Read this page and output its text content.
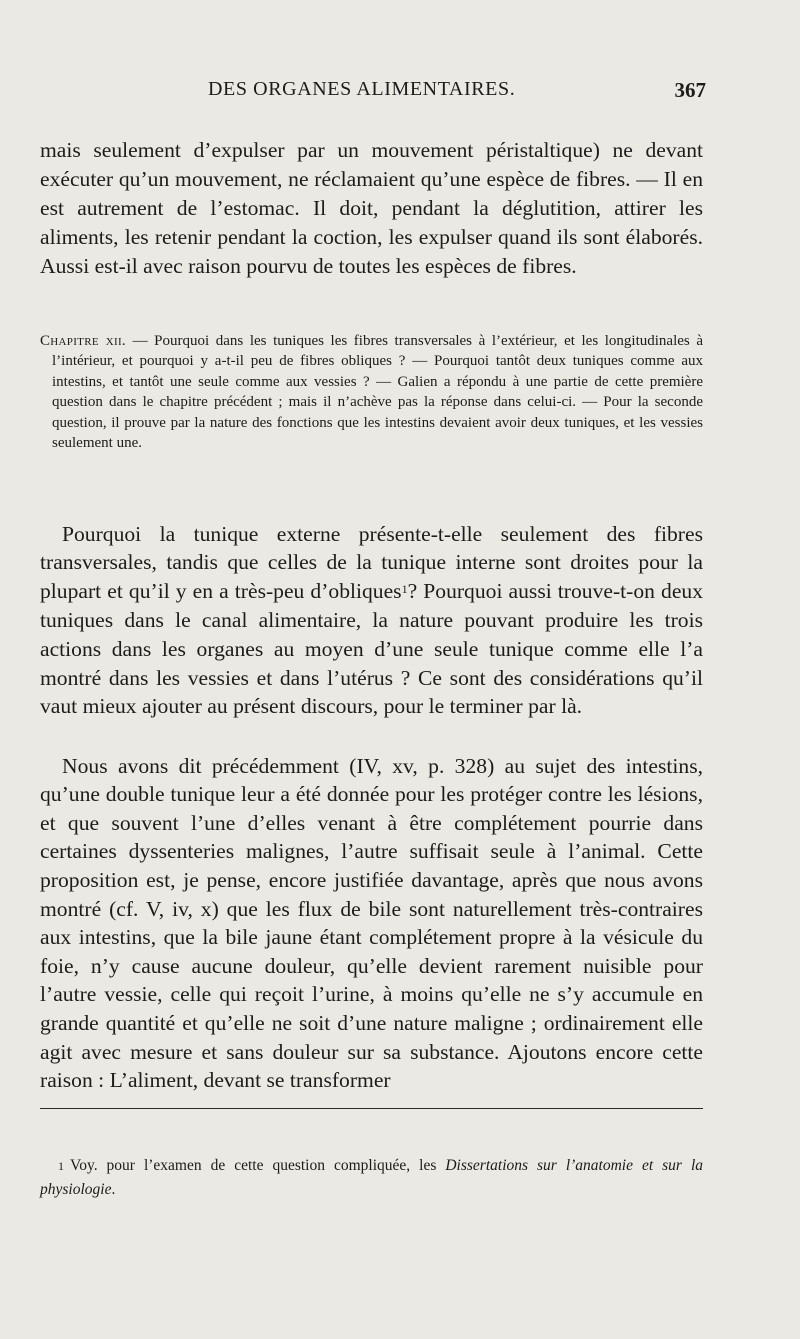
DES ORGANES ALIMENTAIRES.	367

mais seulement d’expulser par un mouvement péristaltique) ne devant exécuter qu’un mouvement, ne réclamaient qu’une espèce de fibres. — Il en est autrement de l’estomac. Il doit, pendant la déglutition, attirer les aliments, les retenir pendant la coction, les expulser quand ils sont élaborés. Aussi est-il avec raison pourvu de toutes les espèces de fibres.

Chapitre xii. — Pourquoi dans les tuniques les fibres transversales à l’extérieur, et les longitudinales à l’intérieur, et pourquoi y a-t-il peu de fibres obliques ? — Pourquoi tantôt deux tuniques comme aux intestins, et tantôt une seule comme aux vessies ? — Galien a répondu à une partie de cette première question dans le chapitre précédent ; mais il n’achève pas la réponse dans celui-ci. — Pour la seconde question, il prouve par la nature des fonctions que les intestins devaient avoir deux tuniques, et les vessies seulement une.

Pourquoi la tunique externe présente-t-elle seulement des fibres transversales, tandis que celles de la tunique interne sont droites pour la plupart et qu’il y en a très-peu d’obliques$^1$? Pourquoi aussi trouve-t-on deux tuniques dans le canal alimentaire, la nature pouvant produire les trois actions dans les organes au moyen d’une seule tunique comme elle l’a montré dans les vessies et dans l’utérus ? Ce sont des considérations qu’il vaut mieux ajouter au présent discours, pour le terminer par là.

Nous avons dit précédemment (IV, xv, p. 328) au sujet des intestins, qu’une double tunique leur a été donnée pour les protéger contre les lésions, et que souvent l’une d’elles venant à être complétement pourrie dans certaines dyssenteries malignes, l’autre suffisait seule à l’animal. Cette proposition est, je pense, encore justifiée davantage, après que nous avons montré (cf. V, iv, x) que les flux de bile sont naturellement très-contraires aux intestins, que la bile jaune étant complétement propre à la vésicule du foie, n’y cause aucune douleur, qu’elle devient rarement nuisible pour l’autre vessie, celle qui reçoit l’urine, à moins qu’elle ne s’y accumule en grande quantité et qu’elle ne soit d’une nature maligne ; ordinairement elle agit avec mesure et sans douleur sur sa substance. Ajoutons encore cette raison : L’aliment, devant se transformer

$^1$ Voy. pour l’examen de cette question compliquée, les Dissertations sur l’anatomie et sur la physiologie.
